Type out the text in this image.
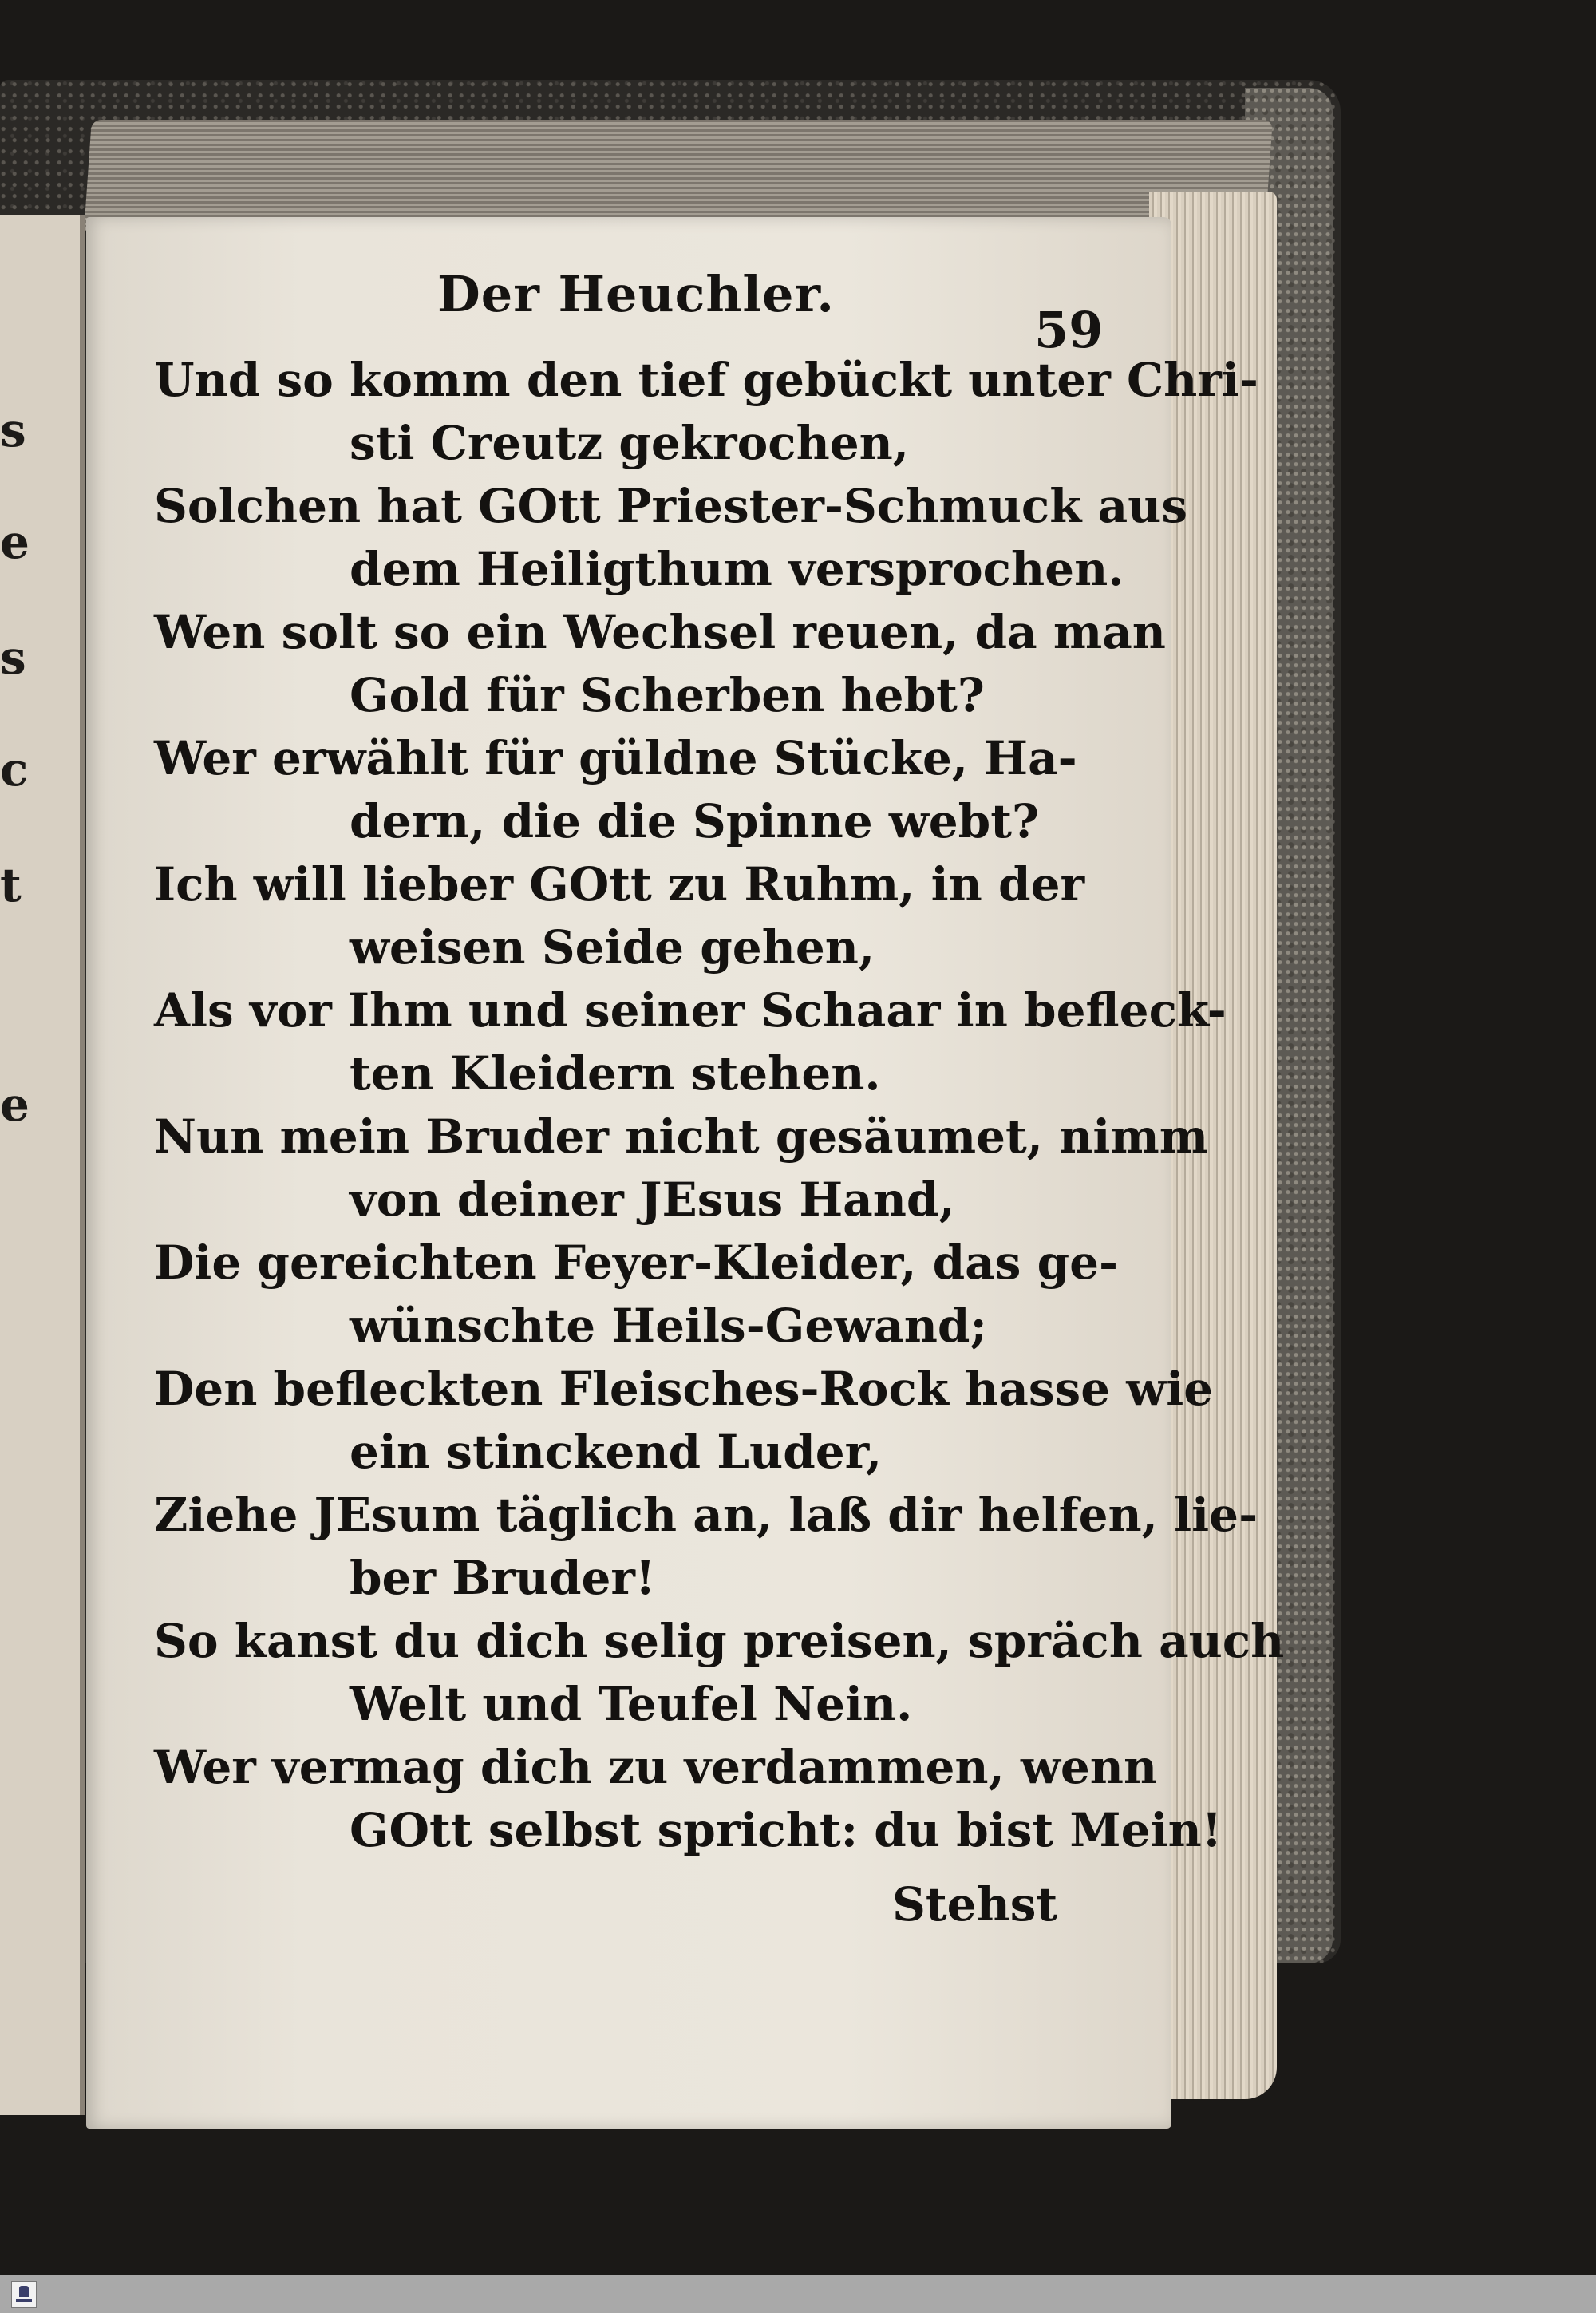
s
e
s
c
t
e
Der Heuchler.
59
Und so komm den tief gebückt unter Chri-
sti Creutz gekrochen,
Solchen hat GOtt Priester-Schmuck aus
dem Heiligthum versprochen.
Wen solt so ein Wechsel reuen, da man
Gold für Scherben hebt?
Wer erwählt für güldne Stücke, Ha-
dern, die die Spinne webt?
Ich will lieber GOtt zu Ruhm, in der
weisen Seide gehen,
Als vor Ihm und seiner Schaar in befleck-
ten Kleidern stehen.
Nun mein Bruder nicht gesäumet, nimm
von deiner JEsus Hand,
Die gereichten Feyer-Kleider, das ge-
wünschte Heils-Gewand;
Den befleckten Fleisches-Rock hasse wie
ein stinckend Luder,
Ziehe JEsum täglich an, laß dir helfen, lie-
ber Bruder!
So kanst du dich selig preisen, spräch auch
Welt und Teufel Nein.
Wer vermag dich zu verdammen, wenn
GOtt selbst spricht: du bist Mein!
Stehst
